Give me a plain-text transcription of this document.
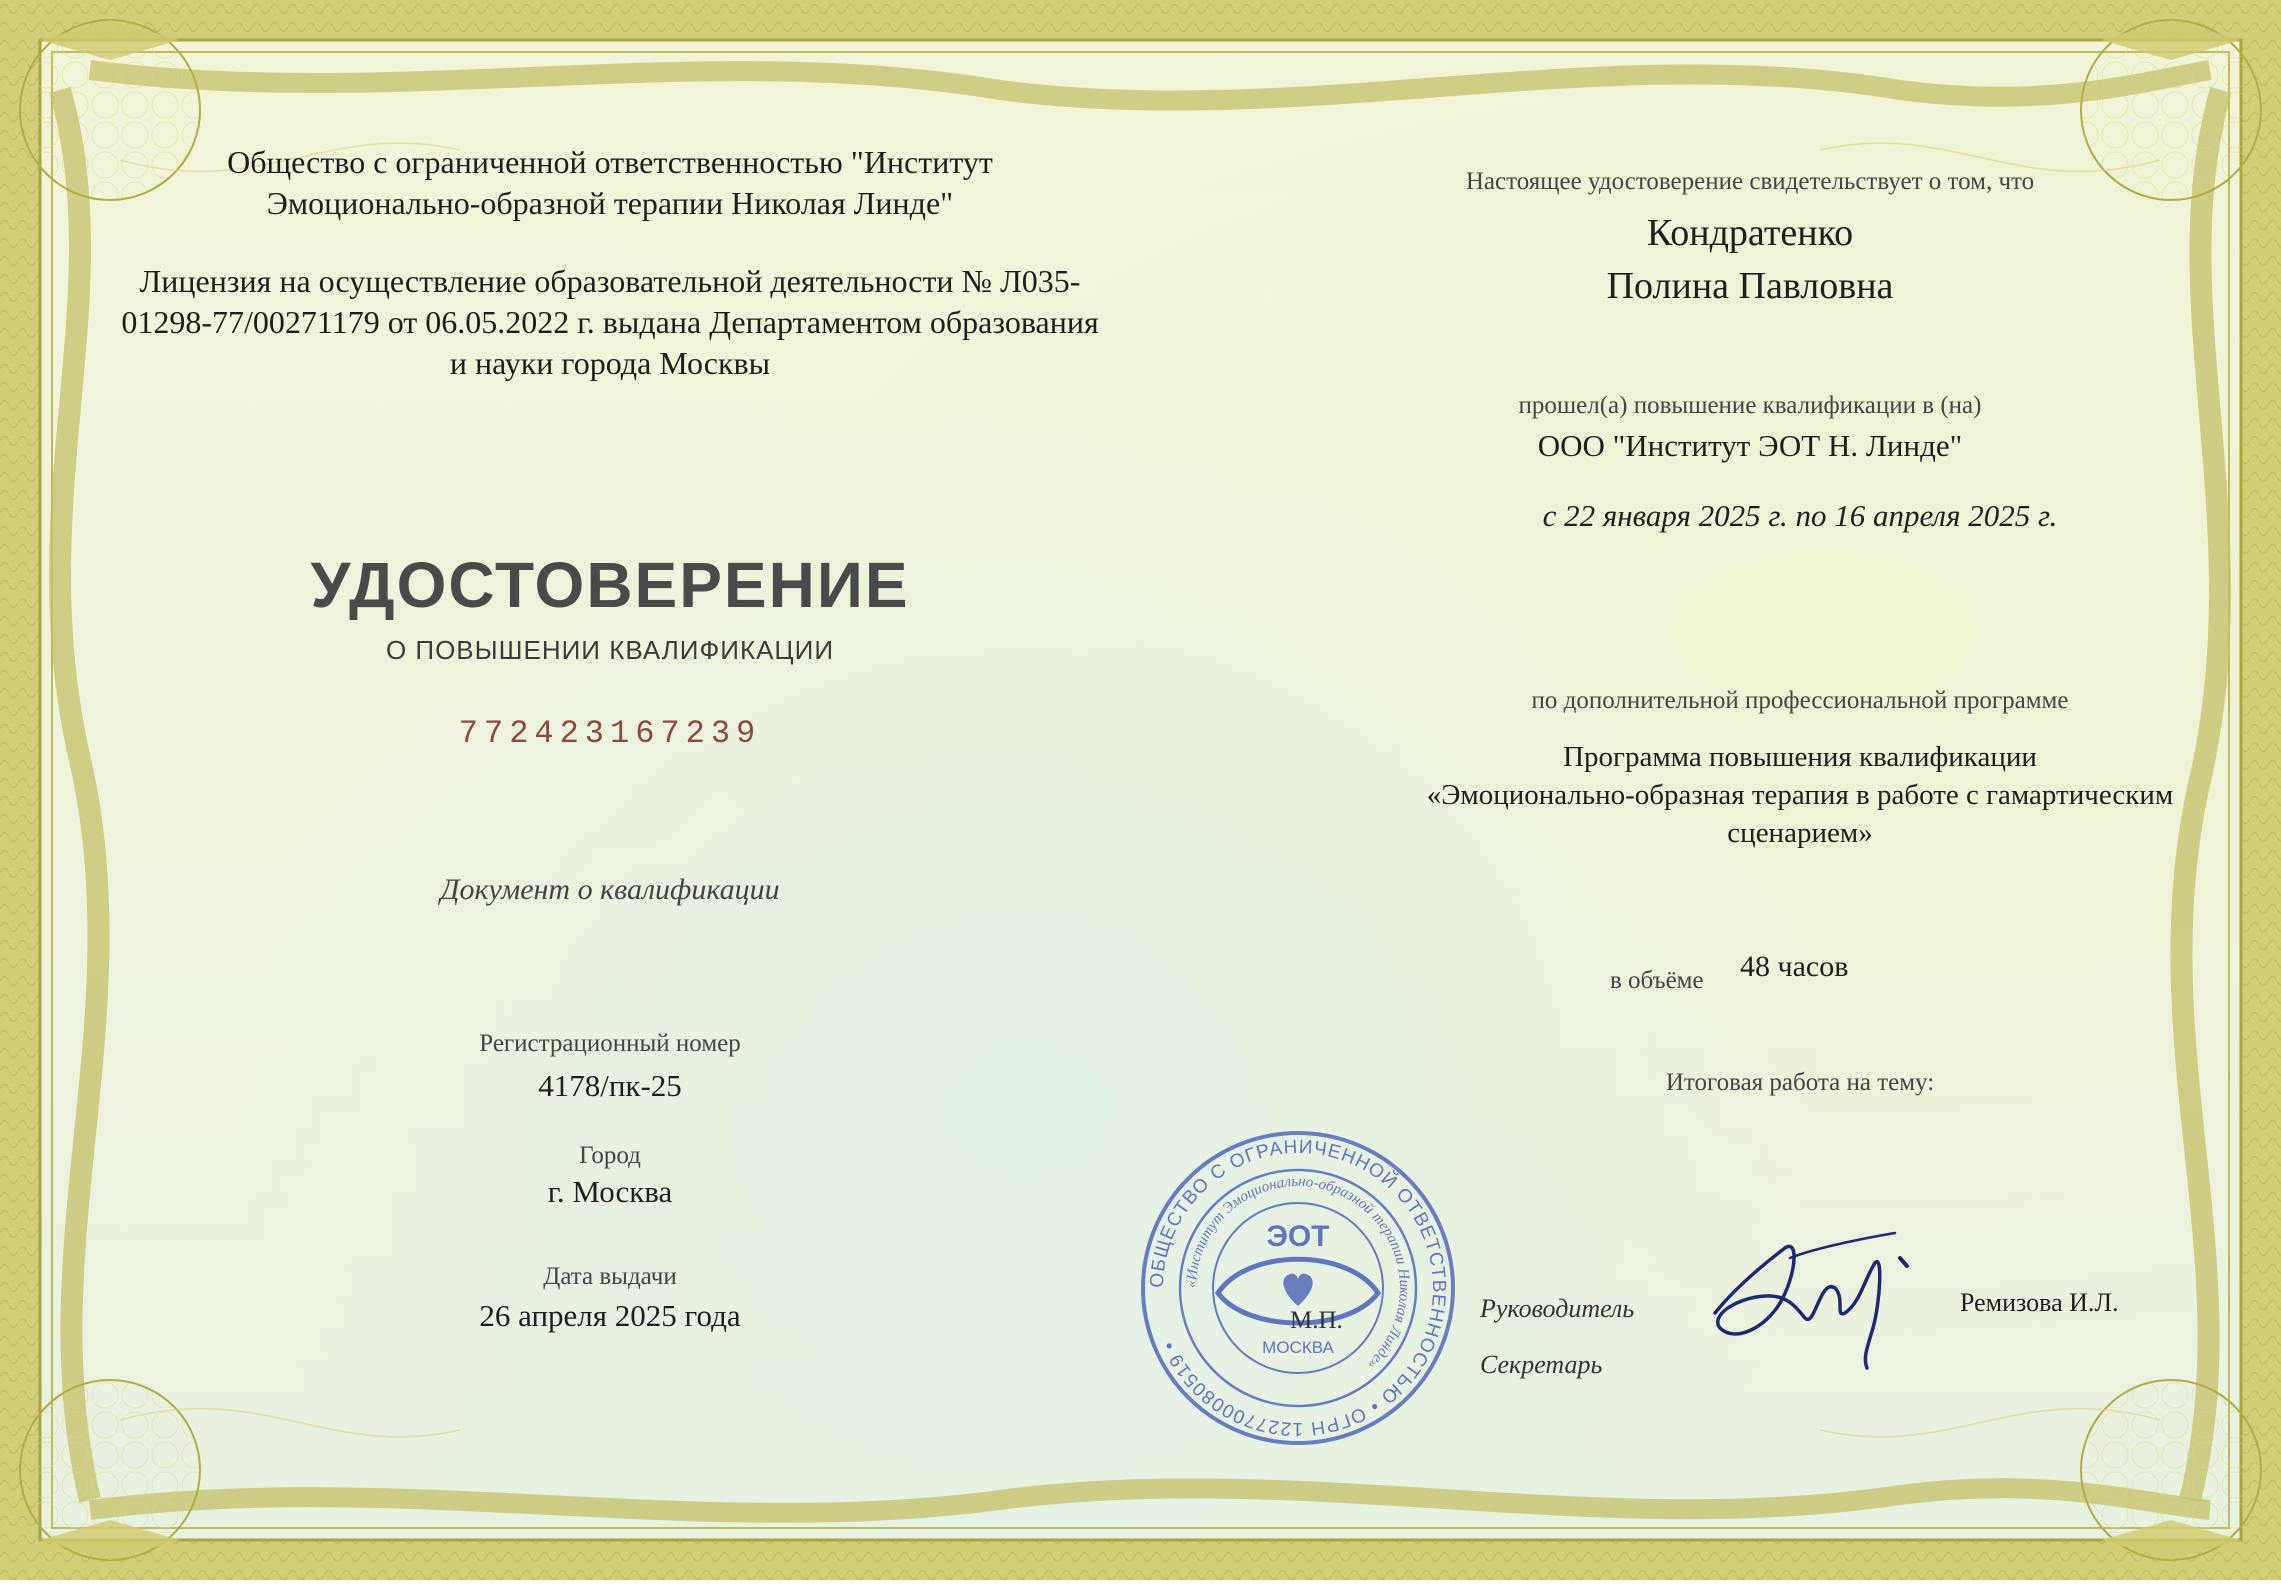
Общество с ограниченной ответственностью "Институт Эмоционально-образной терапии Николая Линде"
Лицензия на осуществление образовательной деятельности № Л035-01298-77/00271179 от 06.05.2022 г. выдана Департаментом образования и науки города Москвы
УДОСТОВЕРЕНИЕ
О ПОВЫШЕНИИ КВАЛИФИКАЦИИ
772423167239
Документ о квалификации
Регистрационный номер
4178/пк-25
Город
г. Москва
Дата выдачи
26 апреля 2025 года
Настоящее удостоверение свидетельствует о том, что
Кондратенко
Полина Павловна
прошел(а) повышение квалификации в (на)
ООО "Институт ЭОТ Н. Линде"
с 22 января 2025 г. по 16 апреля 2025 г.
по дополнительной профессиональной программе
Программа повышения квалификации
«Эмоционально-образная терапия в работе с гамартическим
сценарием»
в объёме 48 часов
Итоговая работа на тему:
ОБЩЕСТВО С ОГРАНИЧЕННОЙ ОТВЕТСТВЕННОСТЬЮ • ОГРН 1227700080519 •
«Институт Эмоционально-образной терапии Николая Линде»
ЭОТ
МОСКВА
М.П.	Руководитель
Секретарь
Ремизова И.Л.
